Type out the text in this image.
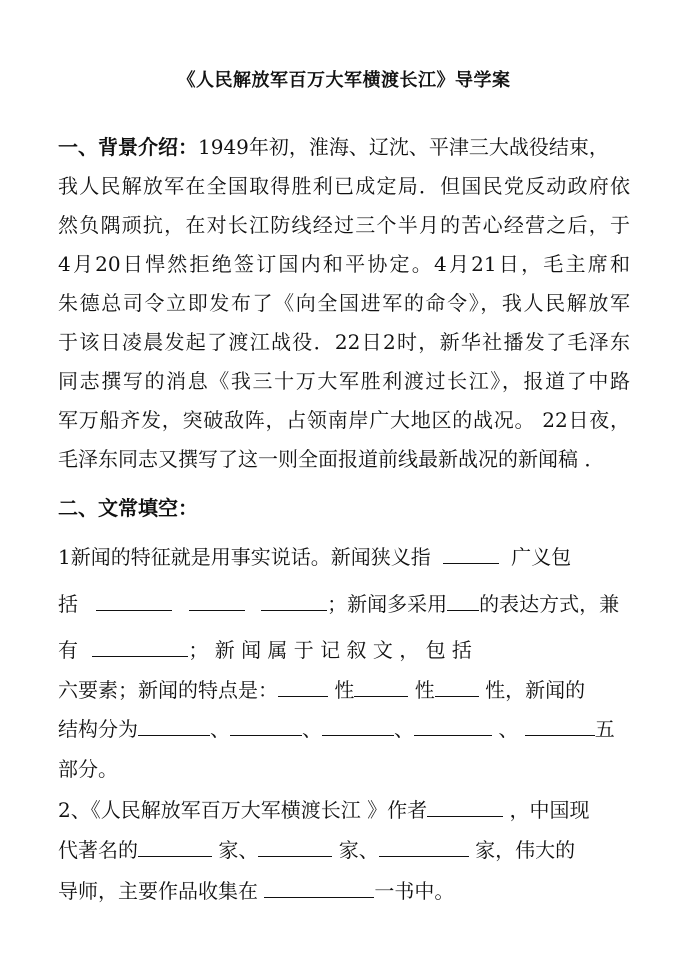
《人民解放军百万大军横渡长江》导学案
一、背景介绍：1949年初，淮海、辽沈、平津三大战役结束，
我人民解放军在全国取得胜利已成定局．但国民党反动政府依
然负隅顽抗，在对长江防线经过三个半月的苦心经营之后，于
4月20日悍然拒绝签订国内和平协定。4月21日，毛主席和
朱德总司令立即发布了《向全国进军的命令》，我人民解放军
于该日凌晨发起了渡江战役．22日2时，新华社播发了毛泽东
同志撰写的消息《我三十万大军胜利渡过长江》，报道了中路
军万船齐发，突破敌阵，占领南岸广大地区的战况。 22日夜，
毛泽东同志又撰写了这一则全面报道前线最新战况的新闻稿 ．
二、文常填空：
1新闻的特征就是用事实说话。新闻狭义指	广义包
括	；新闻多采用 的表达方式，兼
有	； 新 闻 属 于 记 叙 文 ， 包 括
六要素；新闻的特点是：	性	性	性，新闻的
结构分为	、	、	、	、	五
部分。
2、《人民解放军百万大军横渡长江 》作者	，中国现
代著名的	家、	家、	家，伟大的
导师，主要作品收集在	一书中。
